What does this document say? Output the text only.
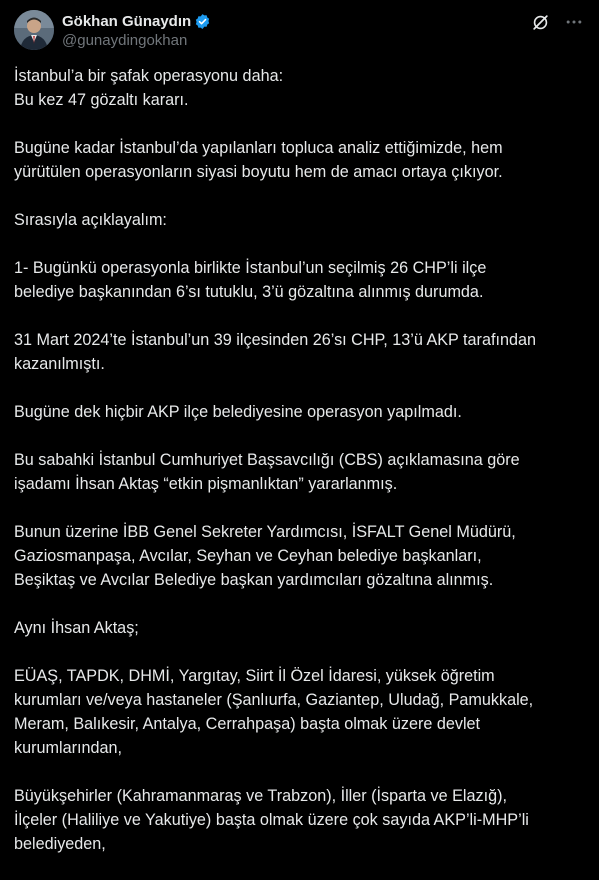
Gökhan Günaydın
@gunaydingokhan

İstanbul’a bir şafak operasyonu daha:
Bu kez 47 gözaltı kararı.

Bugüne kadar İstanbul’da yapılanları topluca analiz ettiğimizde, hem
yürütülen operasyonların siyasi boyutu hem de amacı ortaya çıkıyor.

Sırasıyla açıklayalım:

1- Bugünkü operasyonla birlikte İstanbul’un seçilmiş 26 CHP’li ilçe
belediye başkanından 6’sı tutuklu, 3’ü gözaltına alınmış durumda.

31 Mart 2024’te İstanbul’un 39 ilçesinden 26’sı CHP, 13’ü AKP tarafından
kazanılmıştı.

Bugüne dek hiçbir AKP ilçe belediyesine operasyon yapılmadı.

Bu sabahki İstanbul Cumhuriyet Başsavcılığı (CBS) açıklamasına göre
işadamı İhsan Aktaş “etkin pişmanlıktan” yararlanmış.

Bunun üzerine İBB Genel Sekreter Yardımcısı, İSFALT Genel Müdürü,
Gaziosmanpaşa, Avcılar, Seyhan ve Ceyhan belediye başkanları,
Beşiktaş ve Avcılar Belediye başkan yardımcıları gözaltına alınmış.

Aynı İhsan Aktaş;

EÜAŞ, TAPDK, DHMİ, Yargıtay, Siirt İl Özel İdaresi, yüksek öğretim
kurumları ve/veya hastaneler (Şanlıurfa, Gaziantep, Uludağ, Pamukkale,
Meram, Balıkesir, Antalya, Cerrahpaşa) başta olmak üzere devlet
kurumlarından,

Büyükşehirler (Kahramanmaraş ve Trabzon), İller (İsparta ve Elazığ),
İlçeler (Haliliye ve Yakutiye) başta olmak üzere çok sayıda AKP’li-MHP’li
belediyeden,
